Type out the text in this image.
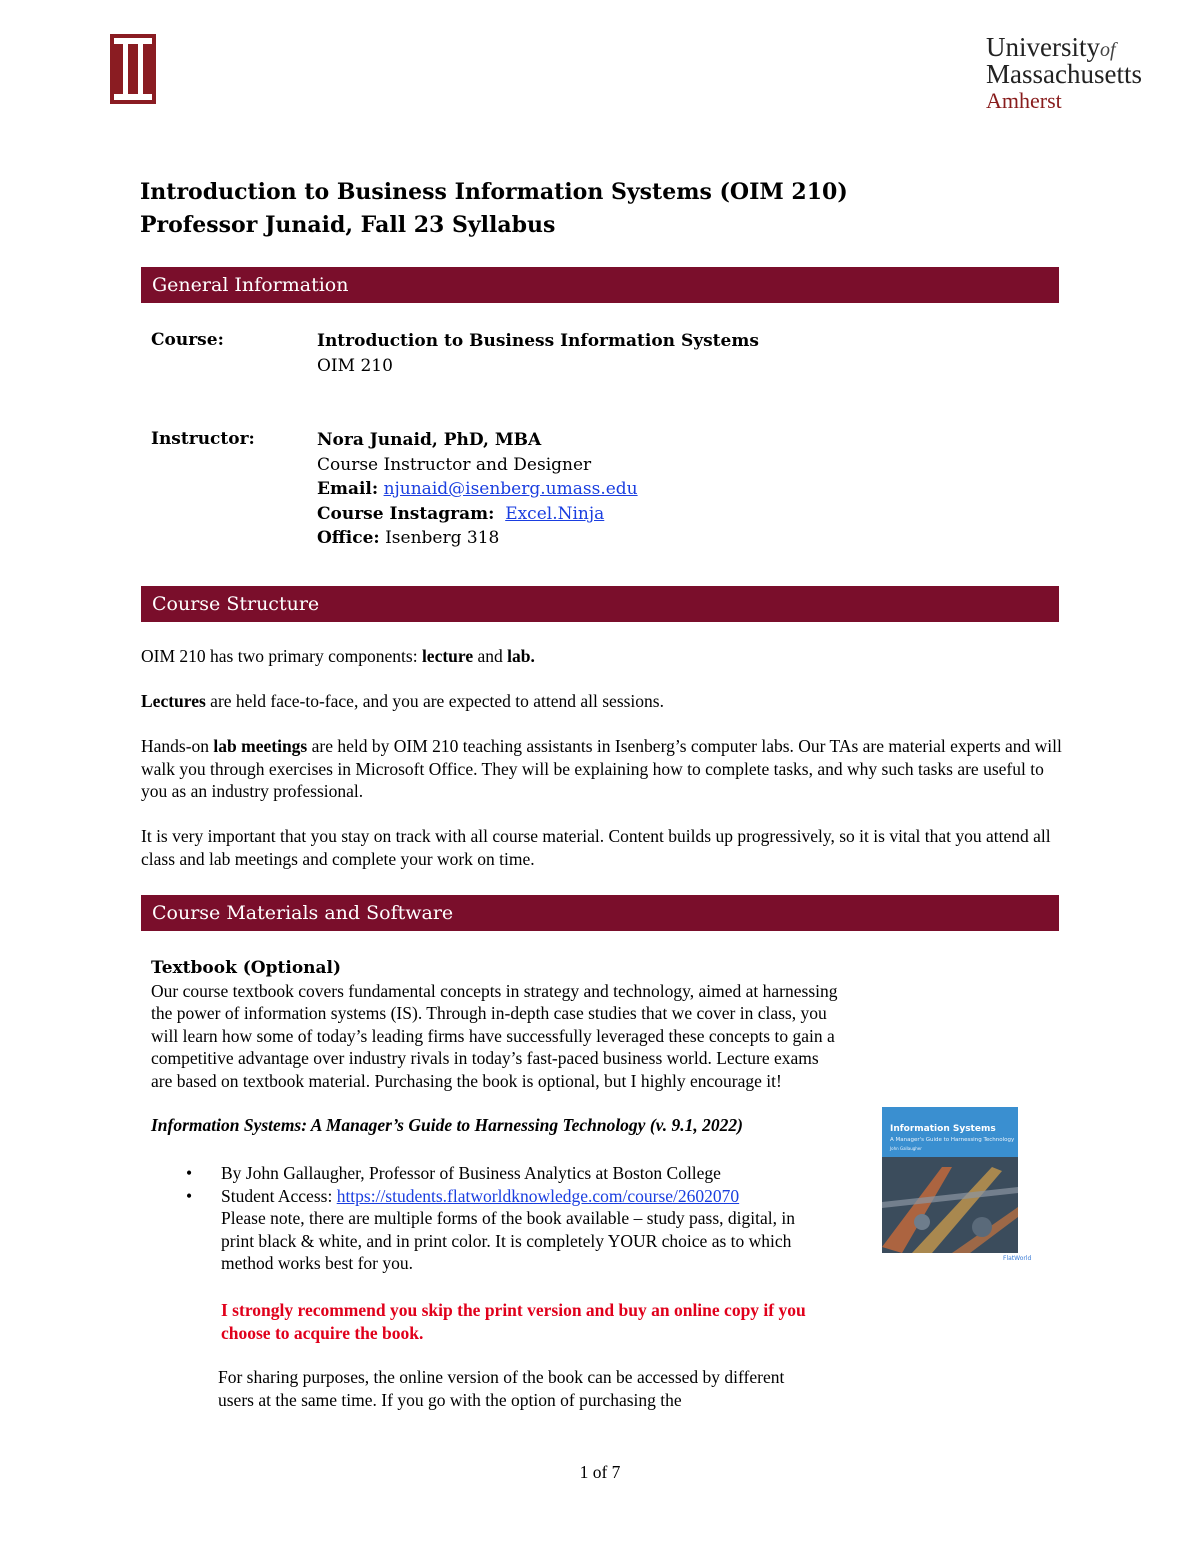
Universityof
Massachusetts
Amherst
Introduction to Business Information Systems (OIM 210)
Professor Junaid, Fall 23 Syllabus
General Information
Course:	Introduction to Business Information Systems
OIM 210
Instructor:	Nora Junaid, PhD, MBA
Course Instructor and Designer
Email: njunaid@isenberg.umass.edu
Course Instagram: Excel.Ninja
Office: Isenberg 318
Course Structure
OIM 210 has two primary components: lecture and lab.
Lectures are held face-to-face, and you are expected to attend all sessions.
Hands-on lab meetings are held by OIM 210 teaching assistants in Isenberg’s computer labs. Our TAs are material experts and will walk you through exercises in Microsoft Office. They will be explaining how to complete tasks, and why such tasks are useful to you as an industry professional.
It is very important that you stay on track with all course material. Content builds up progressively, so it is vital that you attend all class and lab meetings and complete your work on time.
Course Materials and Software
Textbook (Optional)
Our course textbook covers fundamental concepts in strategy and technology, aimed at harnessing the power of information systems (IS). Through in-depth case studies that we cover in class, you will learn how some of today’s leading firms have successfully leveraged these concepts to gain a competitive advantage over industry rivals in today’s fast-paced business world. Lecture exams are based on textbook material. Purchasing the book is optional, but I highly encourage it!
Information Systems: A Manager’s Guide to Harnessing Technology (v. 9.1, 2022)
• By John Gallaugher, Professor of Business Analytics at Boston College
• Student Access: https://students.flatworldknowledge.com/course/2602070
Please note, there are multiple forms of the book available – study pass, digital, in print black & white, and in print color. It is completely YOUR choice as to which method works best for you.
I strongly recommend you skip the print version and buy an online copy if you choose to acquire the book.
For sharing purposes, the online version of the book can be accessed by different users at the same time. If you go with the option of purchasing the
Information Systems
A Manager's Guide to Harnessing Technology
John Gallaugher
FlatWorld
1 of 7
